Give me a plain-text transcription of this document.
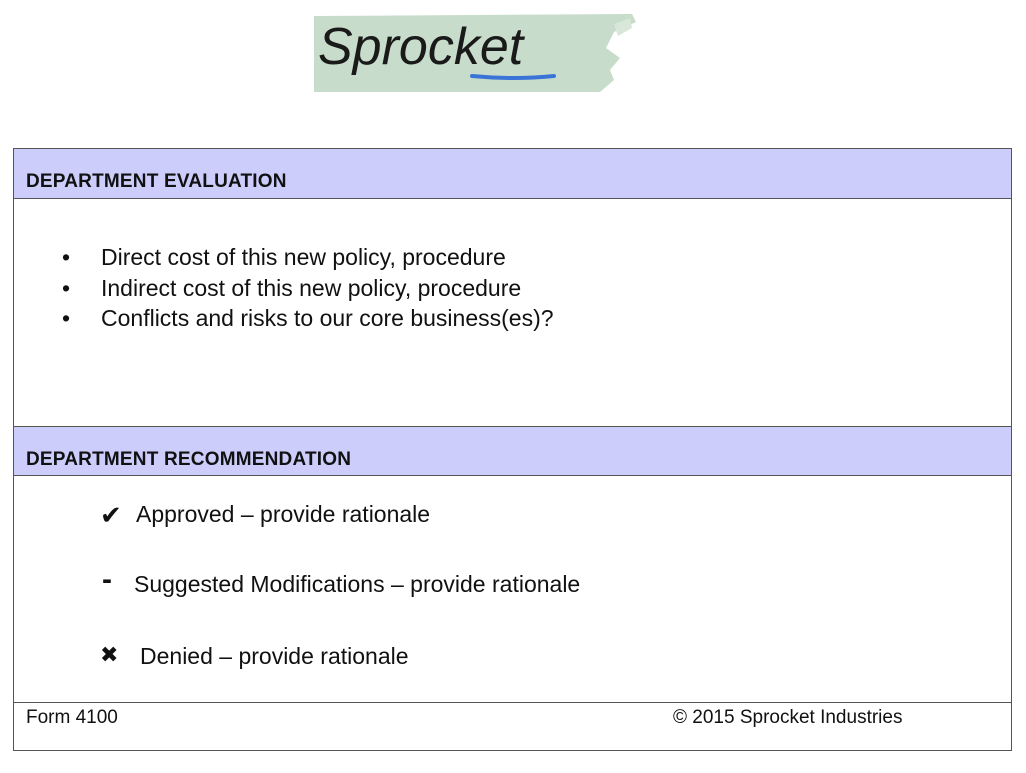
Sprocket
DEPARTMENT EVALUATION
• Direct cost of this new policy, procedure
• Indirect cost of this new policy, procedure
• Conflicts and risks to our core business(es)?
DEPARTMENT RECOMMENDATION
✔ Approved – provide rationale
- Suggested Modifications – provide rationale
✖ Denied – provide rationale
Form 4100	© 2015 Sprocket Industries
